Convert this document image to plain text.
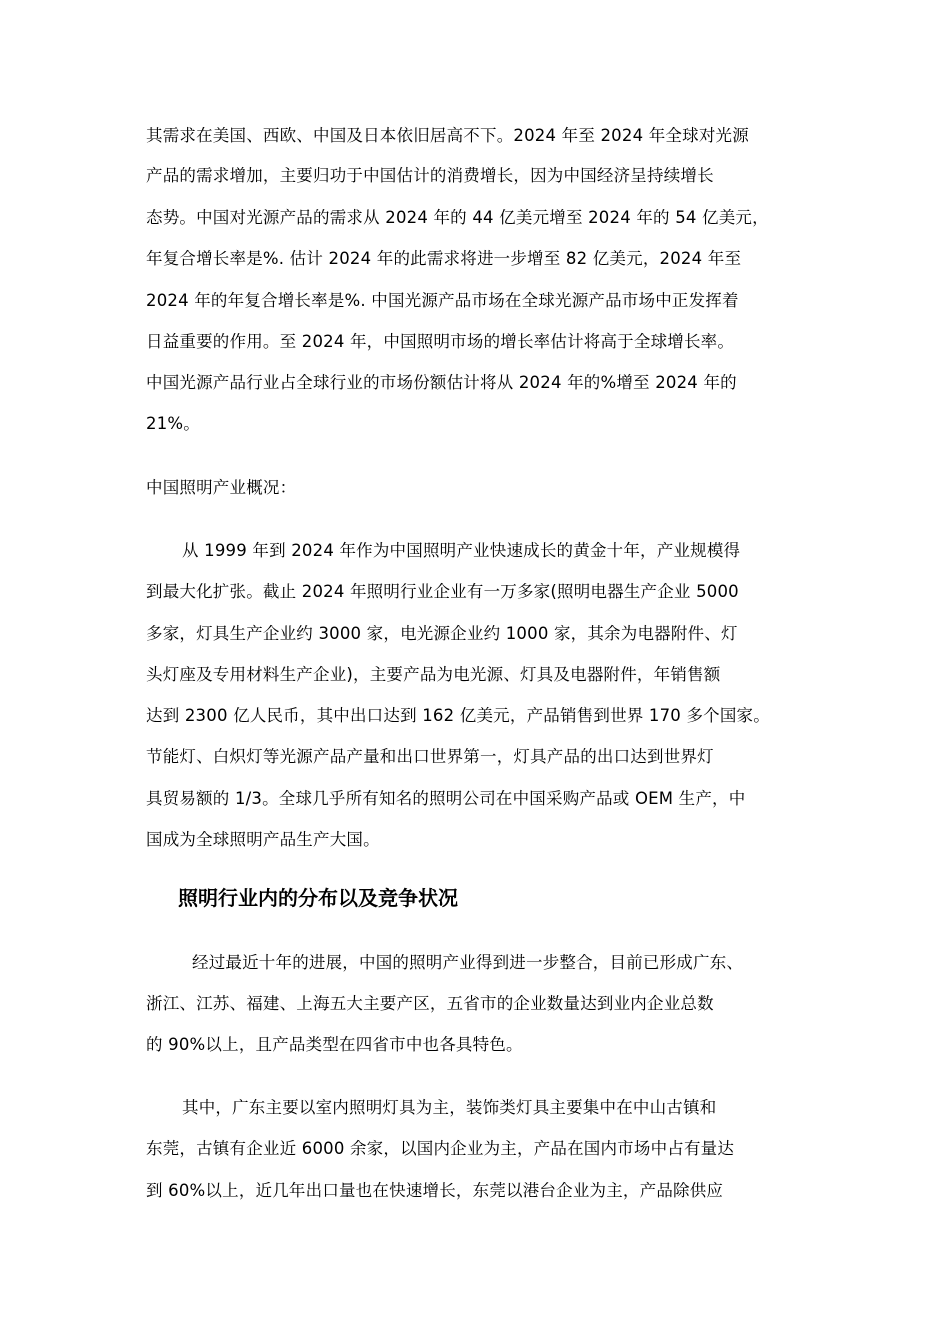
其需求在美国、西欧、中国及日本依旧居高不下。2024 年至 2024 年全球对光源
产品的需求增加，主要归功于中国估计的消费增长，因为中国经济呈持续增长
态势。中国对光源产品的需求从 2024 年的 44 亿美元增至 2024 年的 54 亿美元，
年复合增长率是%. 估计 2024 年的此需求将进一步增至 82 亿美元，2024 年至
2024 年的年复合增长率是%. 中国光源产品市场在全球光源产品市场中正发挥着
日益重要的作用。至 2024 年，中国照明市场的增长率估计将高于全球增长率。
中国光源产品行业占全球行业的市场份额估计将从 2024 年的%增至 2024 年的
21%。
中国照明产业概况：
从 1999 年到 2024 年作为中国照明产业快速成长的黄金十年，产业规模得
到最大化扩张。截止 2024 年照明行业企业有一万多家(照明电器生产企业 5000
多家，灯具生产企业约 3000 家，电光源企业约 1000 家，其余为电器附件、灯
头灯座及专用材料生产企业)，主要产品为电光源、灯具及电器附件，年销售额
达到 2300 亿人民币，其中出口达到 162 亿美元，产品销售到世界 170 多个国家。
节能灯、白炽灯等光源产品产量和出口世界第一，灯具产品的出口达到世界灯
具贸易额的 1/3。全球几乎所有知名的照明公司在中国采购产品或 OEM 生产，中
国成为全球照明产品生产大国。
照明行业内的分布以及竞争状况
经过最近十年的进展，中国的照明产业得到进一步整合，目前已形成广东、
浙江、江苏、福建、上海五大主要产区，五省市的企业数量达到业内企业总数
的 90%以上，且产品类型在四省市中也各具特色。
其中，广东主要以室内照明灯具为主，装饰类灯具主要集中在中山古镇和
东莞，古镇有企业近 6000 余家，以国内企业为主，产品在国内市场中占有量达
到 60%以上，近几年出口量也在快速增长，东莞以港台企业为主，产品除供应
